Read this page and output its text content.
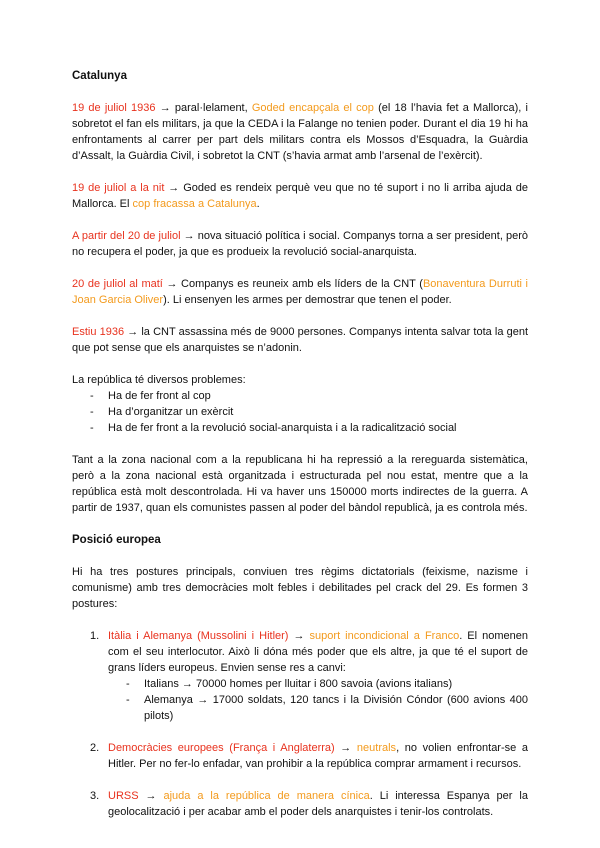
Catalunya

19 de juliol 1936 → paral·lelament, Goded encapçala el cop (el 18 l’havia fet a Mallorca), i sobretot el fan els militars, ja que la CEDA i la Falange no tenien poder. Durant el dia 19 hi ha enfrontaments al carrer per part dels militars contra els Mossos d’Esquadra, la Guàrdia d’Assalt, la Guàrdia Civil, i sobretot la CNT (s’havia armat amb l’arsenal de l’exèrcit).

19 de juliol a la nit → Goded es rendeix perquè veu que no té suport i no li arriba ajuda de Mallorca. El cop fracassa a Catalunya.

A partir del 20 de juliol → nova situació política i social. Companys torna a ser president, però no recupera el poder, ja que es produeix la revolució social-anarquista.

20 de juliol al matí → Companys es reuneix amb els líders de la CNT (Bonaventura Durruti i Joan Garcia Oliver). Li ensenyen les armes per demostrar que tenen el poder.

Estiu 1936 → la CNT assassina més de 9000 persones. Companys intenta salvar tota la gent que pot sense que els anarquistes se n’adonin.

La república té diversos problemes:

- Ha de fer front al cop
- Ha d’organitzar un exèrcit
- Ha de fer front a la revolució social-anarquista i a la radicalització social

Tant a la zona nacional com a la republicana hi ha repressió a la rereguarda sistemàtica, però a la zona nacional està organitzada i estructurada pel nou estat, mentre que a la república està molt descontrolada. Hi va haver uns 150000 morts indirectes de la guerra. A partir de 1937, quan els comunistes passen al poder del bàndol republicà, ja es controla més.

Posició europea

Hi ha tres postures principals, conviuen tres règims dictatorials (feixisme, nazisme i comunisme) amb tres democràcies molt febles i debilitades pel crack del 29. Es formen 3 postures:

1. Itàlia i Alemanya (Mussolini i Hitler) → suport incondicional a Franco. El nomenen com el seu interlocutor. Això li dóna més poder que els altre, ja que té el suport de grans líders europeus. Envien sense res a canvi:
- Italians → 70000 homes per lluitar i 800 savoia (avions italians)
- Alemanya → 17000 soldats, 120 tancs i la División Cóndor (600 avions 400 pilots)
2. Democràcies europees (França i Anglaterra) → neutrals, no volien enfrontar-se a Hitler. Per no fer-lo enfadar, van prohibir a la república comprar armament i recursos.
3. URSS → ajuda a la república de manera cínica. Li interessa Espanya per la geolocalització i per acabar amb el poder dels anarquistes i tenir-los controlats.
